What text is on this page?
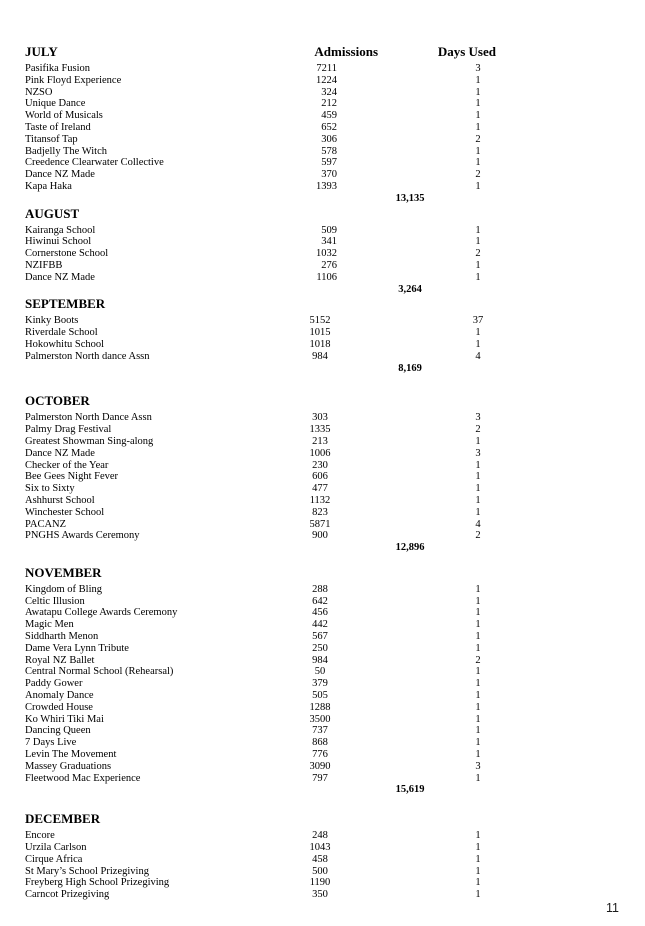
JULY	Admissions	Days Used
Pasifika Fusion	7211	3
Pink Floyd Experience	1224	1
NZSO	324	1
Unique Dance	212	1
World of Musicals	459	1
Taste of Ireland	652	1
Titansof Tap	306	2
Badjelly The Witch	578	1
Creedence Clearwater Collective	597	1
Dance NZ Made	370	2
Kapa Haka	1393	1
13,135
AUGUST
Kairanga School	509	1
Hiwinui School	341	1
Cornerstone School	1032	2
NZIFBB	276	1
Dance NZ Made	1106	1
3,264
SEPTEMBER
Kinky Boots	5152	37
Riverdale School	1015	1
Hokowhitu School	1018	1
Palmerston North dance Assn	984	4
8,169
OCTOBER
Palmerston North Dance Assn	303	3
Palmy Drag Festival	1335	2
Greatest Showman Sing-along	213	1
Dance NZ Made	1006	3
Checker of the Year	230	1
Bee Gees Night Fever	606	1
Six to Sixty	477	1
Ashhurst School	1132	1
Winchester School	823	1
PACANZ	5871	4
PNGHS Awards Ceremony	900	2
12,896
NOVEMBER
Kingdom of Bling	288	1
Celtic Illusion	642	1
Awatapu College Awards Ceremony	456	1
Magic Men	442	1
Siddharth Menon	567	1
Dame Vera Lynn Tribute	250	1
Royal NZ Ballet	984	2
Central Normal School (Rehearsal)	50	1
Paddy Gower	379	1
Anomaly Dance	505	1
Crowded House	1288	1
Ko Whiri Tiki Mai	3500	1
Dancing Queen	737	1
7 Days Live	868	1
Levin The Movement	776	1
Massey Graduations	3090	3
Fleetwood Mac Experience	797	1
15,619
DECEMBER
Encore	248	1
Urzila Carlson	1043	1
Cirque Africa	458	1
St Mary’s School Prizegiving	500	1
Freyberg High School Prizegiving	1190	1
Carncot Prizegiving	350	1
11
